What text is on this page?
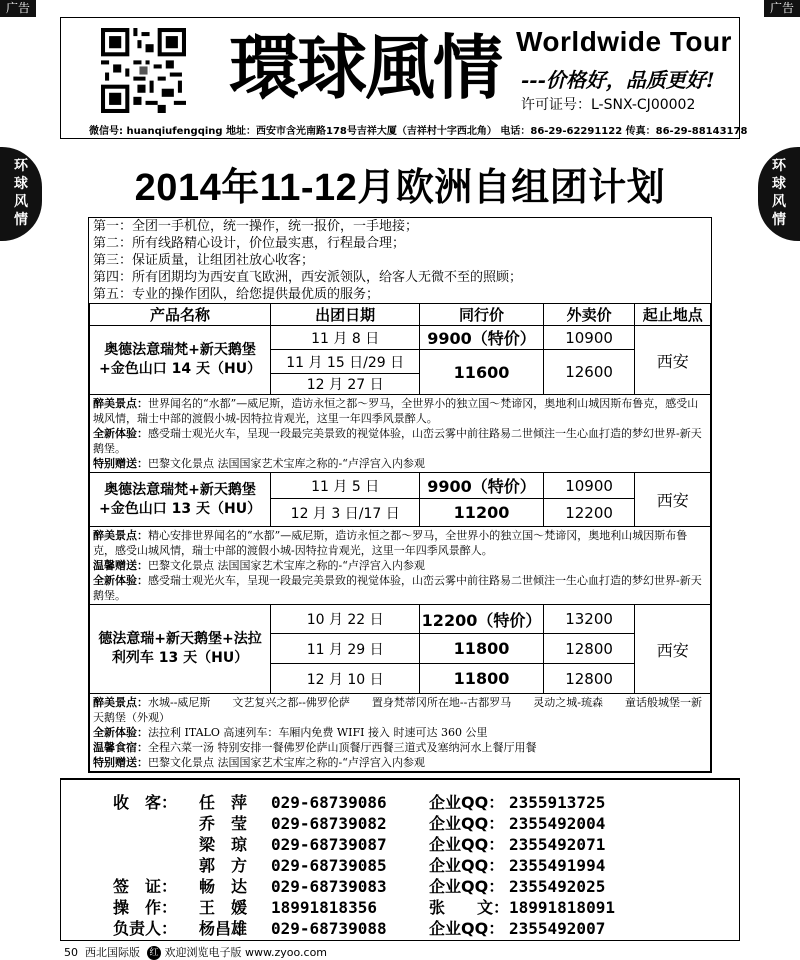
广告	广告
环
球
风
情
环
球
风
情
環球風情 Worldwide Tour
---价格好，品质更好!
许可证号：L-SNX-CJ00002
微信号: huanqiufengqing 地址：西安市含光南路178号吉祥大厦（吉祥村十字西北角） 电话：86-29-62291122 传真：86-29-88143178
2014年11-12月欧洲自组团计划
第一：全团一手机位，统一操作，统一报价，一手地接；
第二：所有线路精心设计，价位最实惠，行程最合理；
第三：保证质量，让组团社放心收客；
第四：所有团期均为西安直飞欧洲，西安派领队，给客人无微不至的照顾；
第五：专业的操作团队，给您提供最优质的服务；
产品名称	出团日期	同行价	外卖价	起止地点
奥德法意瑞梵+新天鹅堡+金色山口 14 天（HU）	11 月 8 日	9900（特价）	10900	西安
	11 月 15 日/29 日	11600	12600	
	12 月 27 日			

醉美景点：世界闻名的“水都”—威尼斯，造访永恒之都～罗马，全世界小的独立国～梵谛冈，奥地利山城因斯布鲁克，感受山城风情，瑞士中部的渡假小城-因特拉肯观光，这里一年四季风景醉人。
全新体验：感受瑞士观光火车，呈现一段最完美景致的视觉体验，山峦云雾中前往路易二世倾注一生心血打造的梦幻世界-新天鹅堡。
特别赠送：巴黎文化景点 法国国家艺术宝库之称的-“卢浮宫入内参观				

奥德法意瑞梵+新天鹅堡+金色山口 13 天（HU）	11 月 5 日	9900（特价）	10900	西安
	12 月 3 日/17 日	11200	12200	

醉美景点：精心安排世界闻名的“水都”—威尼斯，造访永恒之都～罗马，全世界小的独立国～梵谛冈，奥地利山城因斯布鲁克，感受山城风情，瑞士中部的渡假小城-因特拉肯观光，这里一年四季风景醉人。
温馨赠送：巴黎文化景点 法国国家艺术宝库之称的-“卢浮宫入内参观
全新体验：感受瑞士观光火车，呈现一段最完美景致的视觉体验，山峦云雾中前往路易二世倾注一生心血打造的梦幻世界-新天鹅堡。				

德法意瑞+新天鹅堡+法拉利列车 13 天（HU）	10 月 22 日	12200（特价）	13200	西安
	11 月 29 日	11800	12800	
	12 月 10 日	11800	12800	

醉美景点：水城--威尼斯　　文艺复兴之都--佛罗伦萨　　置身梵蒂冈所在地--古都罗马　　灵动之城-琉森　　童话般城堡一新天鹅堡（外观）
全新体验：法拉利 ITALO 高速列车：车厢内免费 WIFI 接入 时速可达 360 公里
温馨食宿：全程六菜一汤 特别安排一餐佛罗伦萨山顶餐厅西餐三道式及塞纳河水上餐厅用餐
特别赠送：巴黎文化景点 法国国家艺术宝库之称的-“卢浮宫入内参观				
收　客： 任　萍 029-68739086	企业QQ： 2355913725
乔　莹 029-68739082	企业QQ： 2355492004
梁　琼 029-68739087	企业QQ： 2355492071
郭　方 029-68739085	企业QQ： 2355491994
签　证： 畅　达 029-68739083	企业QQ： 2355492025
操　作： 王　媛 18991818356	张　　文： 18991818091
负责人： 杨昌雄 029-68739088	企业QQ： 2355492007
50 西北国际版 红 欢迎浏览电子版 www.zyoo.com
